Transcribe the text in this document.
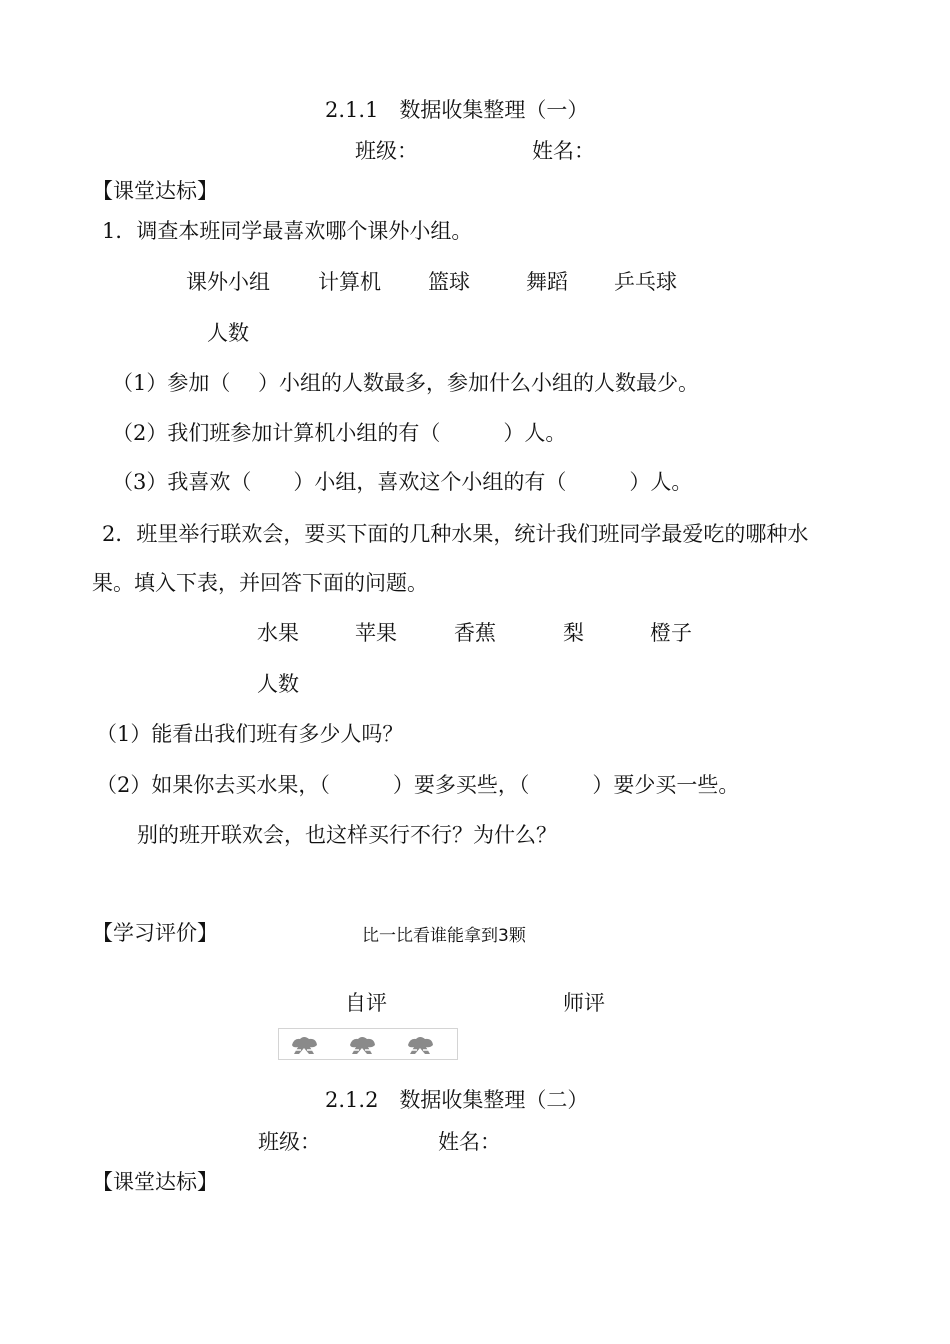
2.1.1　数据收集整理（一）
班级：	姓名：
【课堂达标】
1．调查本班同学最喜欢哪个课外小组。
课外小组 计算机 篮球	舞蹈 乒乓球
人数
（1）参加（　 ）小组的人数最多，参加什么小组的人数最少。
（2）我们班参加计算机小组的有（　　　）人。
（3）我喜欢（　　）小组，喜欢这个小组的有（　　　）人。
2．班里举行联欢会，要买下面的几种水果，统计我们班同学最爱吃的哪种水
果。填入下表，并回答下面的问题。
水果	苹果	香蕉	梨	橙子
人数
（1）能看出我们班有多少人吗？
（2）如果你去买水果，（　　　）要多买些，（　　　）要少买一些。
别的班开联欢会，也这样买行不行？为什么？
【学习评价】	比一比看谁能拿到3颗
自评	师评
2.1.2　数据收集整理（二）
班级：	姓名：
【课堂达标】
